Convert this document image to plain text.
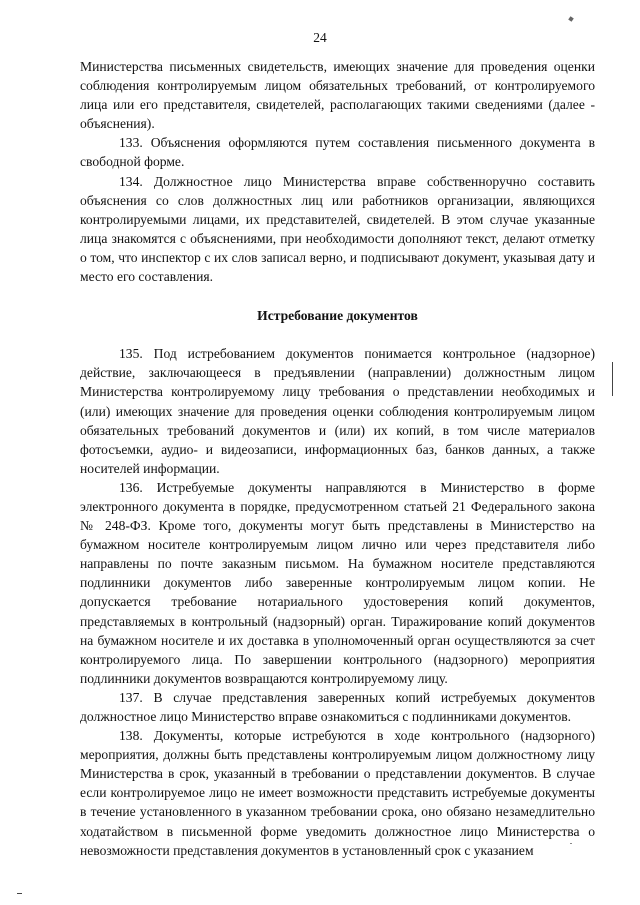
24

Министерства письменных свидетельств, имеющих значение для проведения оценки соблюдения контролируемым лицом обязательных требований, от контролируемого лица или его представителя, свидетелей, располагающих такими сведениями (далее - объяснения).

133. Объяснения оформляются путем составления письменного документа в свободной форме.

134. Должностное лицо Министерства вправе собственноручно составить объяснения со слов должностных лиц или работников организации, являющихся контролируемыми лицами, их представителей, свидетелей. В этом случае указанные лица знакомятся с объяснениями, при необходимости дополняют текст, делают отметку о том, что инспектор с их слов записал верно, и подписывают документ, указывая дату и место его составления.

Истребование документов

135. Под истребованием документов понимается контрольное (надзорное) действие, заключающееся в предъявлении (направлении) должностным лицом Министерства контролируемому лицу требования о представлении необходимых и (или) имеющих значение для проведения оценки соблюдения контролируемым лицом обязательных требований документов и (или) их копий, в том числе материалов фотосъемки, аудио- и видеозаписи, информационных баз, банков данных, а также носителей информации.

136. Истребуемые документы направляются в Министерство в форме электронного документа в порядке, предусмотренном статьей 21 Федерального закона № 248-ФЗ. Кроме того, документы могут быть представлены в Министерство на бумажном носителе контролируемым лицом лично или через представителя либо направлены по почте заказным письмом. На бумажном носителе представляются подлинники документов либо заверенные контролируемым лицом копии. Не допускается требование нотариального удостоверения копий документов, представляемых в контрольный (надзорный) орган. Тиражирование копий документов на бумажном носителе и их доставка в уполномоченный орган осуществляются за счет контролируемого лица. По завершении контрольного (надзорного) мероприятия подлинники документов возвращаются контролируемому лицу.

137. В случае представления заверенных копий истребуемых документов должностное лицо Министерство вправе ознакомиться с подлинниками документов.

138. Документы, которые истребуются в ходе контрольного (надзорного) мероприятия, должны быть представлены контролируемым лицом должностному лицу Министерства в срок, указанный в требовании о представлении документов. В случае если контролируемое лицо не имеет возможности представить истребуемые документы в течение установленного в указанном требовании срока, оно обязано незамедлительно ходатайством в письменной форме уведомить должностное лицо Министерства о невозможности представления документов в установленный срок с указанием
